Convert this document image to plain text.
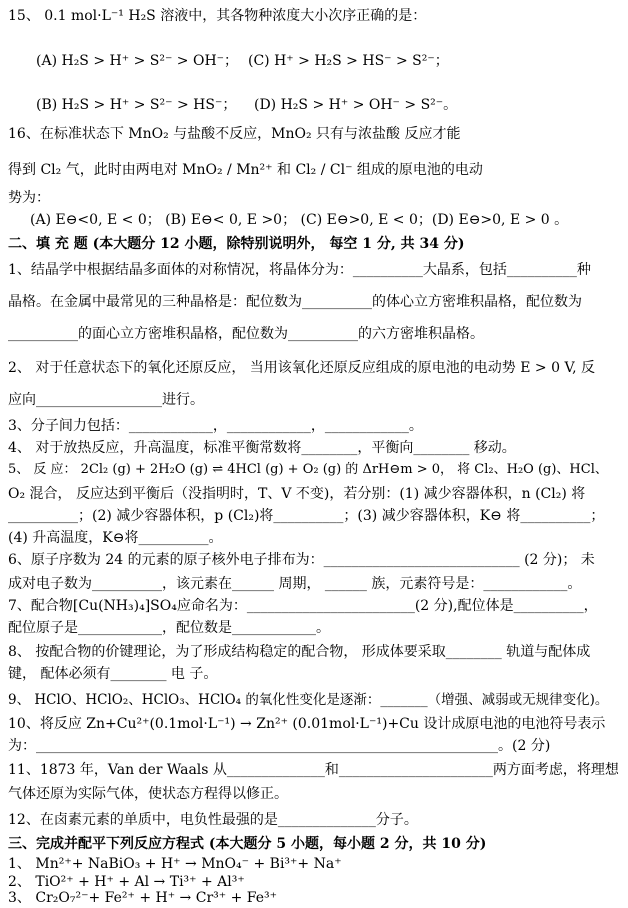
15、 0.1 mol·L⁻¹ H₂S 溶液中，其各物种浓度大小次序正确的是：
(A) H₂S > H⁺ > S²⁻ > OH⁻； (C) H⁺ > H₂S > HS⁻ > S²⁻；
(B) H₂S > H⁺ > S²⁻ > HS⁻； (D) H₂S > H⁺ > OH⁻ > S²⁻。
16、在标准状态下 MnO₂ 与盐酸不反应，MnO₂ 只有与浓盐酸 反应才能
得到 Cl₂ 气，此时由两电对 MnO₂ / Mn²⁺ 和 Cl₂ / Cl⁻ 组成的原电池的电动
势为：
(A) E⊖<0, E < 0； (B) E⊖< 0, E >0； (C) E⊖>0, E < 0；(D) E⊖>0, E > 0 。
二、填 充 题 (本大题分 12 小题，除特别说明外， 每空 1 分, 共 34 分)
1、结晶学中根据结晶多面体的对称情况，将晶体分为：__________大晶系，包括__________种
晶格。在金属中最常见的三种晶格是：配位数为__________的体心立方密堆积晶格，配位数为
__________的面心立方密堆积晶格，配位数为__________的六方密堆积晶格。
2、 对于任意状态下的氧化还原反应， 当用该氧化还原反应组成的原电池的电动势 E > 0 V, 反
应向__________________进行。
3、分子间力包括：____________，____________，____________。
4、 对于放热反应，升高温度，标准平衡常数将________，平衡向________ 移动。
5、 反 应： 2Cl₂ (g) + 2H₂O (g) ⇌ 4HCl (g) + O₂ (g) 的 ΔrH⊖m > 0， 将 Cl₂、H₂O (g)、HCl、
O₂ 混合， 反应达到平衡后（没指明时，T、V 不变)，若分别：(1) 减少容器体积，n (Cl₂) 将
__________；(2) 减少容器体积，p (Cl₂)将__________；(3) 减少容器体积，K⊖ 将__________；
(4) 升高温度，K⊖将__________。
6、原子序数为 24 的元素的原子核外电子排布为：____________________________ (2 分)； 未
成对电子数为__________，该元素在______ 周期， ______ 族，元素符号是：____________。
7、配合物[Cu(NH₃)₄]SO₄应命名为：________________________(2 分),配位体是__________，
配位原子是____________，配位数是____________。
8、 按配合物的价键理论，为了形成结构稳定的配合物， 形成体要采取________ 轨道与配体成
键， 配体必须有________ 电 子。
9、 HClO、HClO₂、HClO₃、HClO₄ 的氧化性变化是逐渐：_______（增强、减弱或无规律变化)。
10、将反应 Zn+Cu²⁺(0.1mol·L⁻¹) → Zn²⁺ (0.01mol·L⁻¹)+Cu 设计成原电池的电池符号表示
为：__________________________________________________________________。(2 分)
11、1873 年，Van der Waals 从______________和______________________两方面考虑，将理想
气体还原为实际气体，使状态方程得以修正。
12、在卤素元素的单质中，电负性最强的是______________分子。
三、完成并配平下列反应方程式 (本大题分 5 小题，每小题 2 分，共 10 分)
1、 Mn²⁺+ NaBiO₃ + H⁺ → MnO₄⁻ + Bi³⁺+ Na⁺
2、 TiO²⁺ + H⁺ + Al → Ti³⁺ + Al³⁺
3、 Cr₂O₇²⁻+ Fe²⁺ + H⁺ → Cr³⁺ + Fe³⁺
